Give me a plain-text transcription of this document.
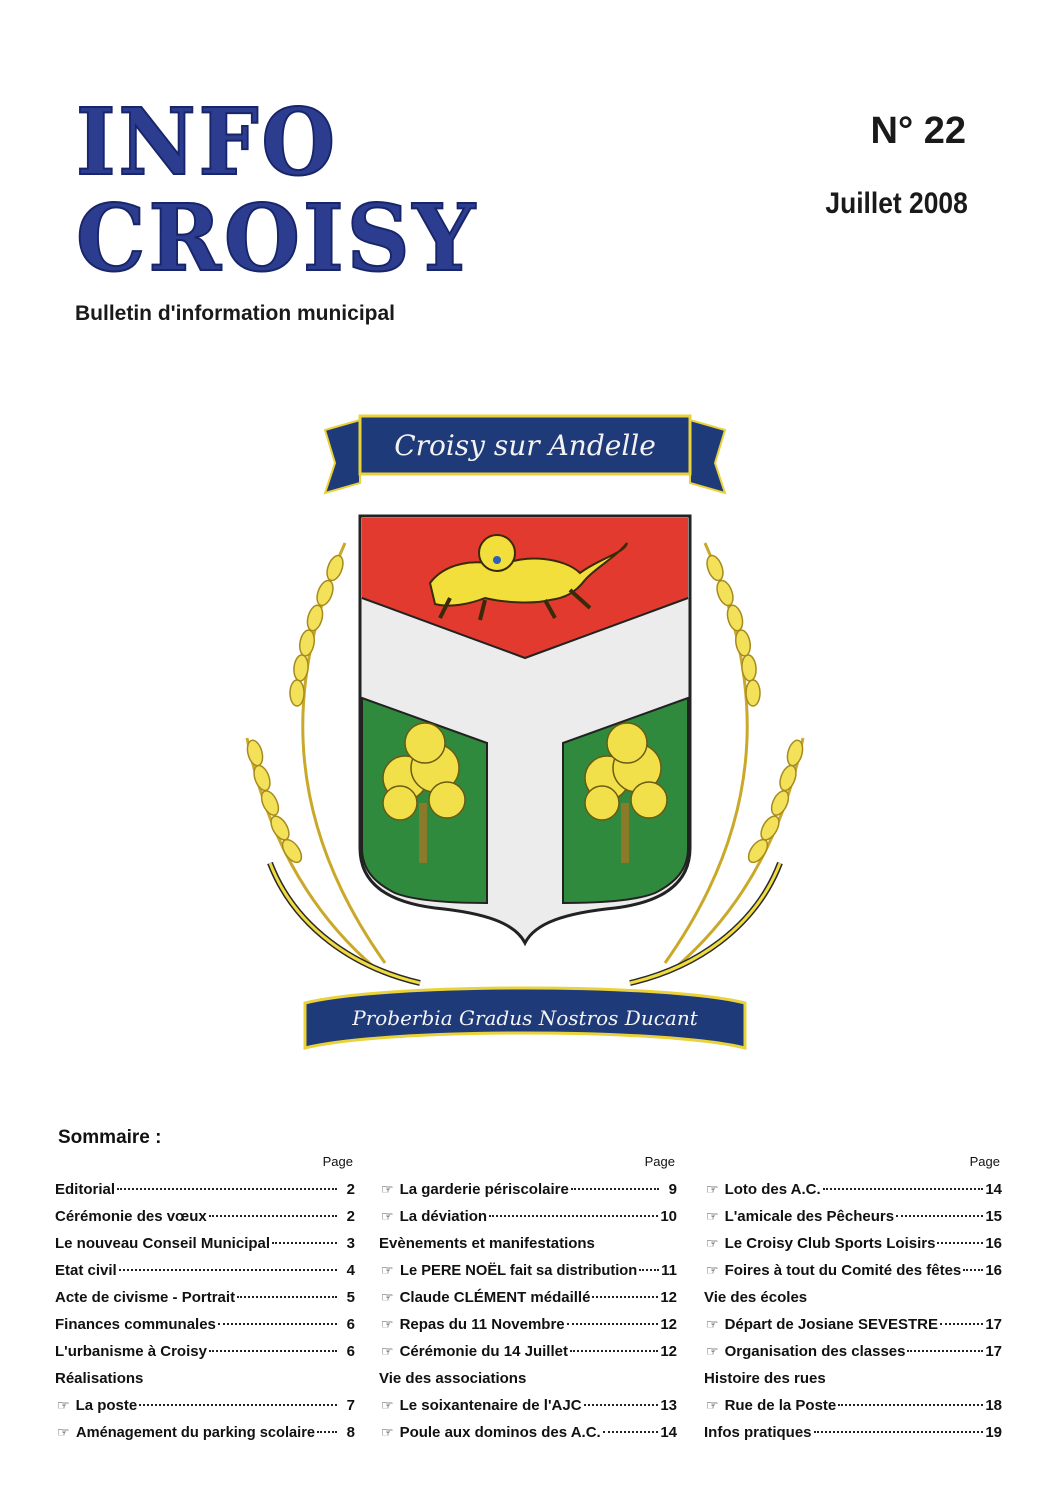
INFO
CROISY
Bulletin d'information municipal
N° 22
Juillet 2008
Croisy sur Andelle
Proberbia Gradus Nostros Ducant
Sommaire :
Page
Editorial	2
Cérémonie des vœux	2
Le nouveau Conseil Municipal	3
Etat civil	4
Acte de civisme - Portrait	5
Finances communales	6
L'urbanisme à Croisy	6
Réalisations
☞ La poste	7
☞ Aménagement du parking scolaire	8
Page
☞ La garderie périscolaire	9
☞ La déviation	10
Evènements et manifestations
☞ Le PERE NOËL fait sa distribution 11
☞ Claude CLÉMENT médaillé	12
☞ Repas du 11 Novembre	12
☞ Cérémonie du 14 Juillet	12
Vie des associations
☞ Le soixantenaire de l'AJC	13
☞ Poule aux dominos des A.C.	14
Page
☞ Loto des A.C.	14
☞ L'amicale des Pêcheurs	15
☞ Le Croisy Club Sports Loisirs	16
☞ Foires à tout du Comité des fêtes 16
Vie des écoles
☞ Départ de Josiane SEVESTRE	17
☞ Organisation des classes	17
Histoire des rues
☞ Rue de la Poste	18
Infos pratiques	19
